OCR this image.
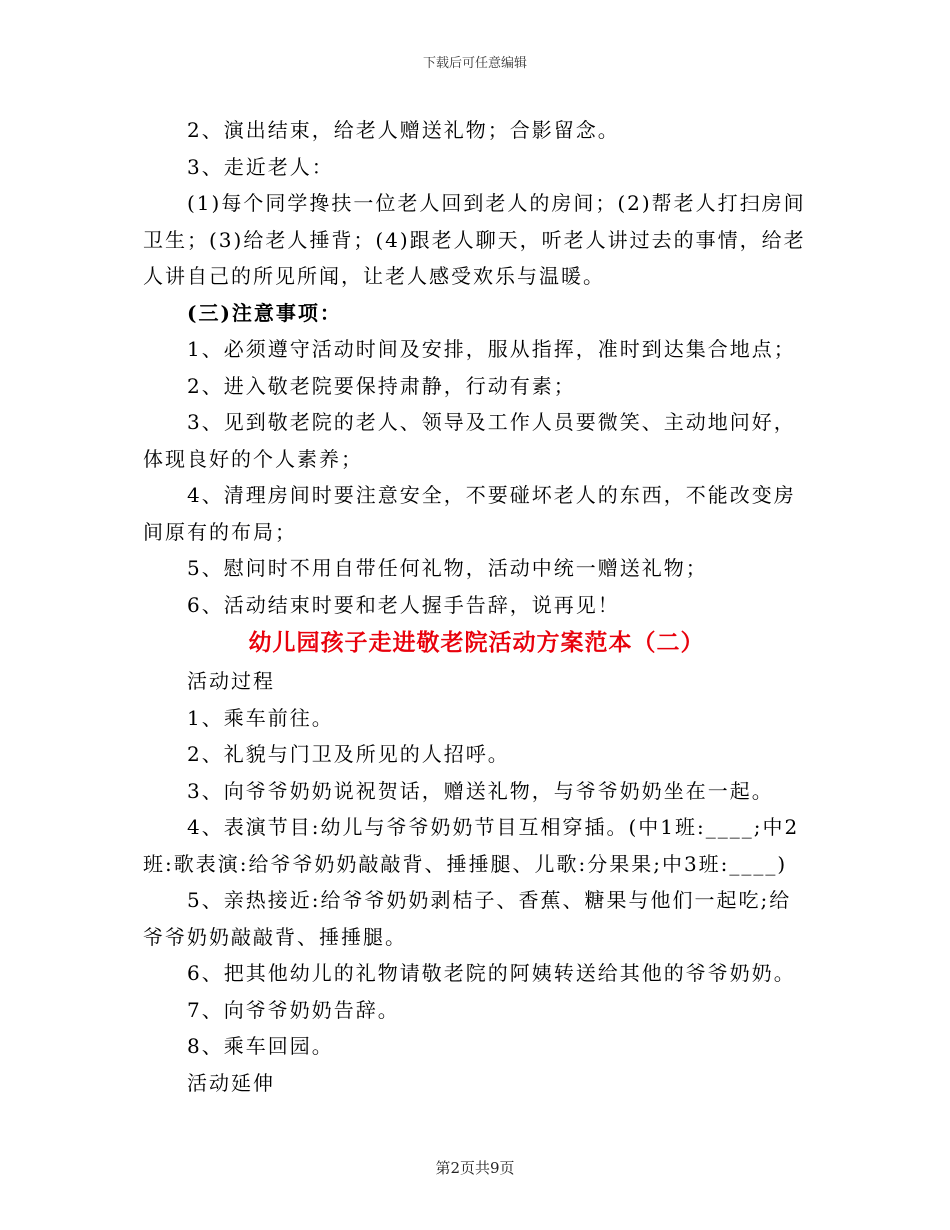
下载后可任意编辑

2、演出结束，给老人赠送礼物；合影留念。

3、走近老人：

(1)每个同学搀扶一位老人回到老人的房间；(2)帮老人打扫房间卫生；(3)给老人捶背；(4)跟老人聊天，听老人讲过去的事情，给老人讲自己的所见所闻，让老人感受欢乐与温暖。

(三)注意事项：

1、必须遵守活动时间及安排，服从指挥，准时到达集合地点；

2、进入敬老院要保持肃静，行动有素；

3、见到敬老院的老人、领导及工作人员要微笑、主动地问好，体现良好的个人素养；

4、清理房间时要注意安全，不要碰坏老人的东西，不能改变房间原有的布局；

5、慰问时不用自带任何礼物，活动中统一赠送礼物；

6、活动结束时要和老人握手告辞，说再见！

幼儿园孩子走进敬老院活动方案范本（二）

活动过程

1、乘车前往。

2、礼貌与门卫及所见的人招呼。

3、向爷爷奶奶说祝贺话，赠送礼物，与爷爷奶奶坐在一起。

4、表演节目:幼儿与爷爷奶奶节目互相穿插。(中1班:____;中2班:歌表演:给爷爷奶奶敲敲背、捶捶腿、儿歌:分果果;中3班:____)

5、亲热接近:给爷爷奶奶剥桔子、香蕉、糖果与他们一起吃;给爷爷奶奶敲敲背、捶捶腿。

6、把其他幼儿的礼物请敬老院的阿姨转送给其他的爷爷奶奶。

7、向爷爷奶奶告辞。

8、乘车回园。

活动延伸

第2页共9页
